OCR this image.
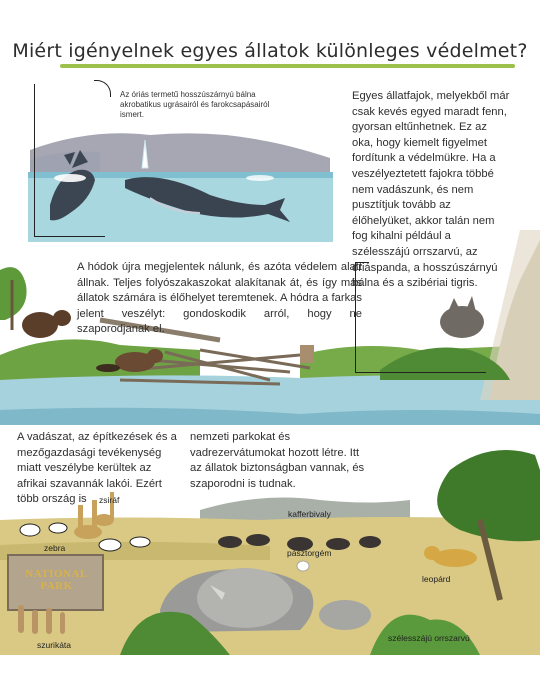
Miért igényelnek egyes állatok különleges védelmet?
Az óriás termetű hosszúszárnyú bálna akrobatikus ugrásairól és farokcsapásairól ismert.
Egyes állatfajok, melyekből már csak kevés egyed maradt fenn, gyorsan eltűnhetnek. Ez az oka, hogy kiemelt figyelmet fordítunk a védelmükre. Ha a veszélyeztetett fajokra többé nem vadászunk, és nem pusztítjuk tovább az élőhelyüket, akkor talán nem fog kihalni például a szélesszájú orrszarvú, az óriáspanda, a hosszúszárnyú bálna és a szibériai tigris.
A hódok újra megjelentek nálunk, és azóta védelem alatt állnak. Teljes folyószakaszokat alakítanak át, és így más állatok számára is élőhelyet teremtenek. A hódra a farkas jelent veszélyt: gondoskodik arról, hogy ne szaporodjanak el.
A vadászat, az építkezések és a mezőgazdasági tevékenység miatt veszélybe kerültek az afrikai szavannák lakói. Ezért több ország is
nemzeti parkokat és vadrezervátumokat hozott létre. Itt az állatok biztonságban vannak, és szaporodni is tudnak.
NATIONAL PARK
zsiráf
zebra
kafferbivaly
pásztorgém
leopárd
szurikáta
szélesszájú orrszarvú
